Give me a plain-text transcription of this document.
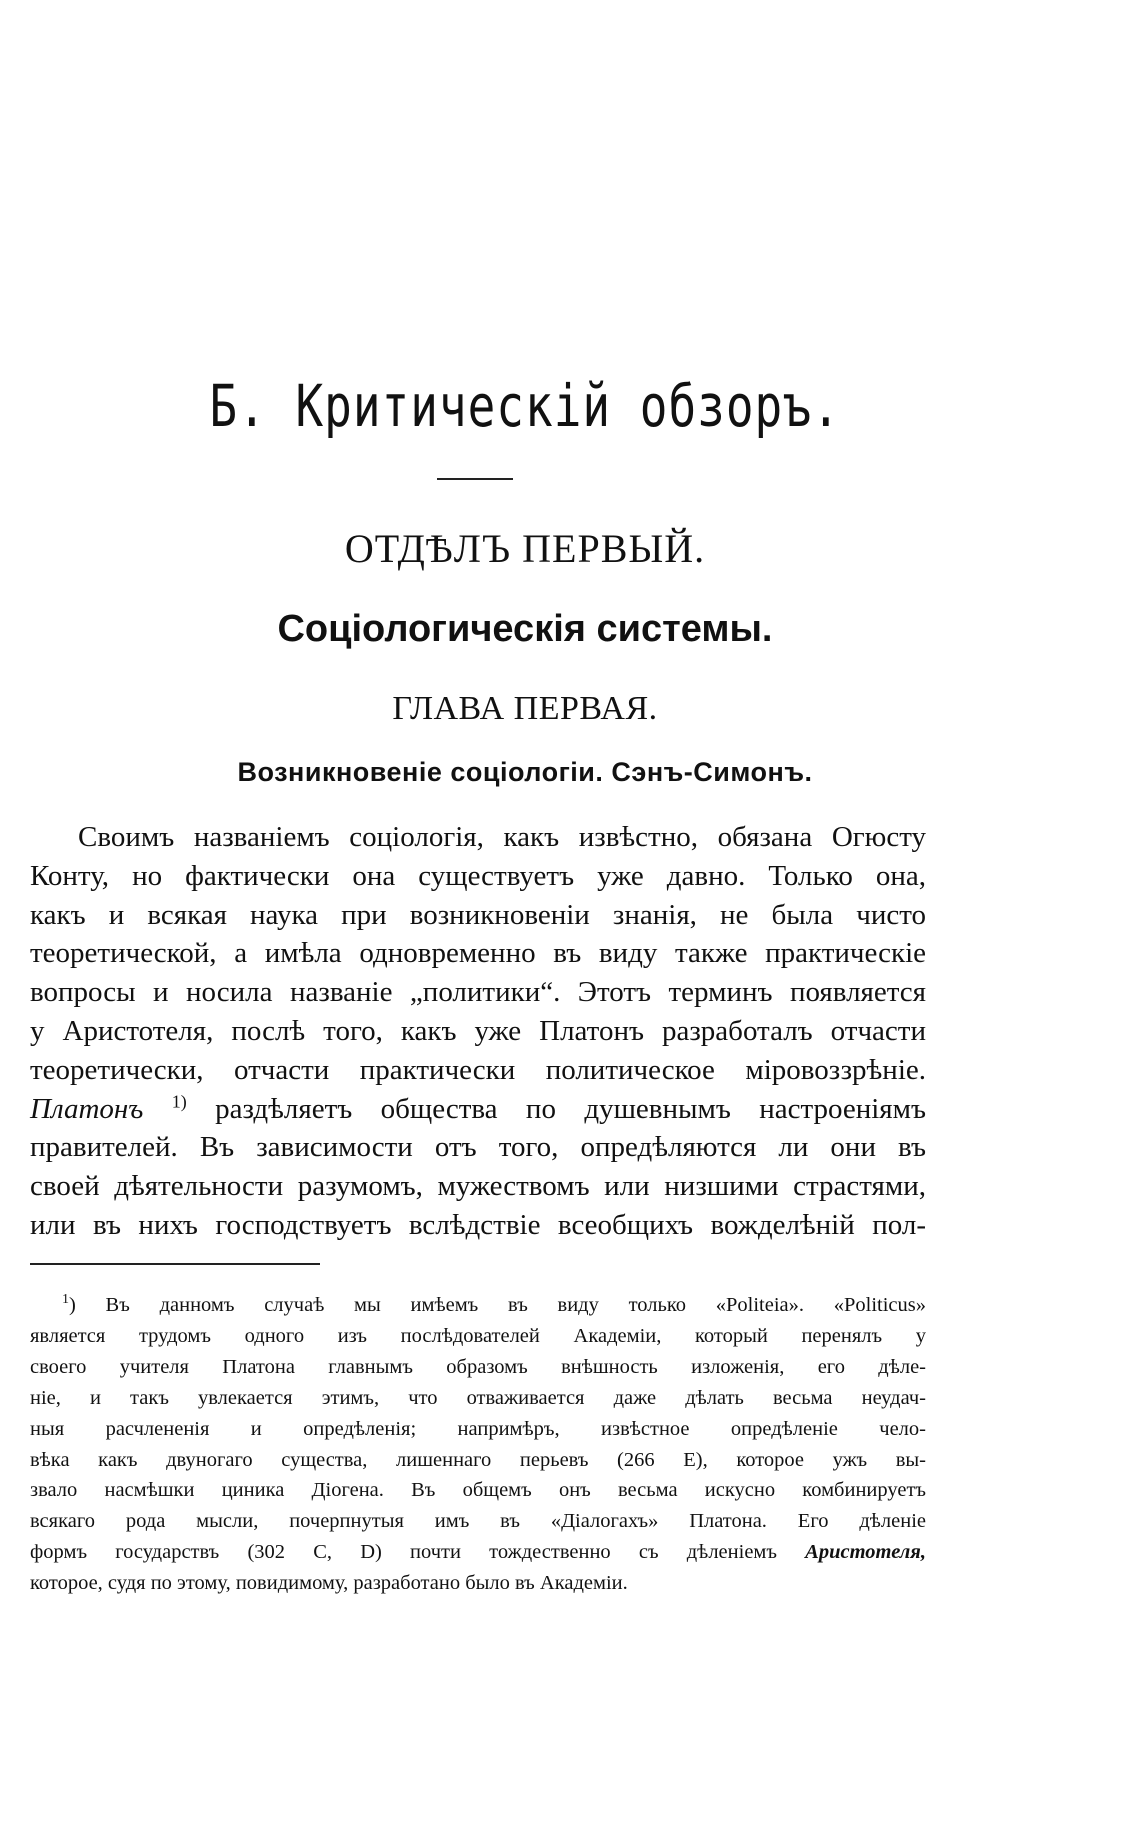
Б. Критическій обзоръ.
ОТДѢЛЪ ПЕРВЫЙ.
Соціологическія системы.
ГЛАВА ПЕРВАЯ.
Возникновеніе соціологіи. Сэнъ-Симонъ.
Своимъ названіемъ соціологія, какъ извѣстно, обязана Огюсту
Конту, но фактически она существуетъ уже давно. Только она,
какъ и всякая наука при возникновеніи знанія, не была чисто
теоретической, а имѣла одновременно въ виду также практическіе
вопросы и носила названіе „политики“. Этотъ терминъ появляется
у Аристотеля, послѣ того, какъ уже Платонъ разработалъ отчасти
теоретически, отчасти практически политическое міровоззрѣніе.
Платонъ $^{1)}$ раздѣляетъ общества по душевнымъ настроеніямъ
правителей. Въ зависимости отъ того, опредѣляются ли они въ
своей дѣятельности разумомъ, мужествомъ или низшими страстями,
или въ нихъ господствуетъ вслѣдствіе всеобщихъ вожделѣній пол-
$^1$) Въ данномъ случаѣ мы имѣемъ въ виду только «Politeia». «Politicus»
является трудомъ одного изъ послѣдователей Академіи, который перенялъ у
своего учителя Платона главнымъ образомъ внѣшность изложенія, его дѣле-
ніе, и такъ увлекается этимъ, что отваживается даже дѣлать весьма неудач-
ныя расчлененія и опредѣленія; напримѣръ, извѣстное опредѣленіе чело-
вѣка какъ двуногаго существа, лишеннаго перьевъ (266 E), которое ужъ вы-
звало насмѣшки циника Діогена. Въ общемъ онъ весьма искусно комбинируетъ
всякаго рода мысли, почерпнутыя имъ въ «Діалогахъ» Платона. Его дѣленіе
формъ государствъ (302 C, D) почти тождественно съ дѣленіемъ Аристотеля,
которое, судя по этому, повидимому, разработано было въ Академіи.
